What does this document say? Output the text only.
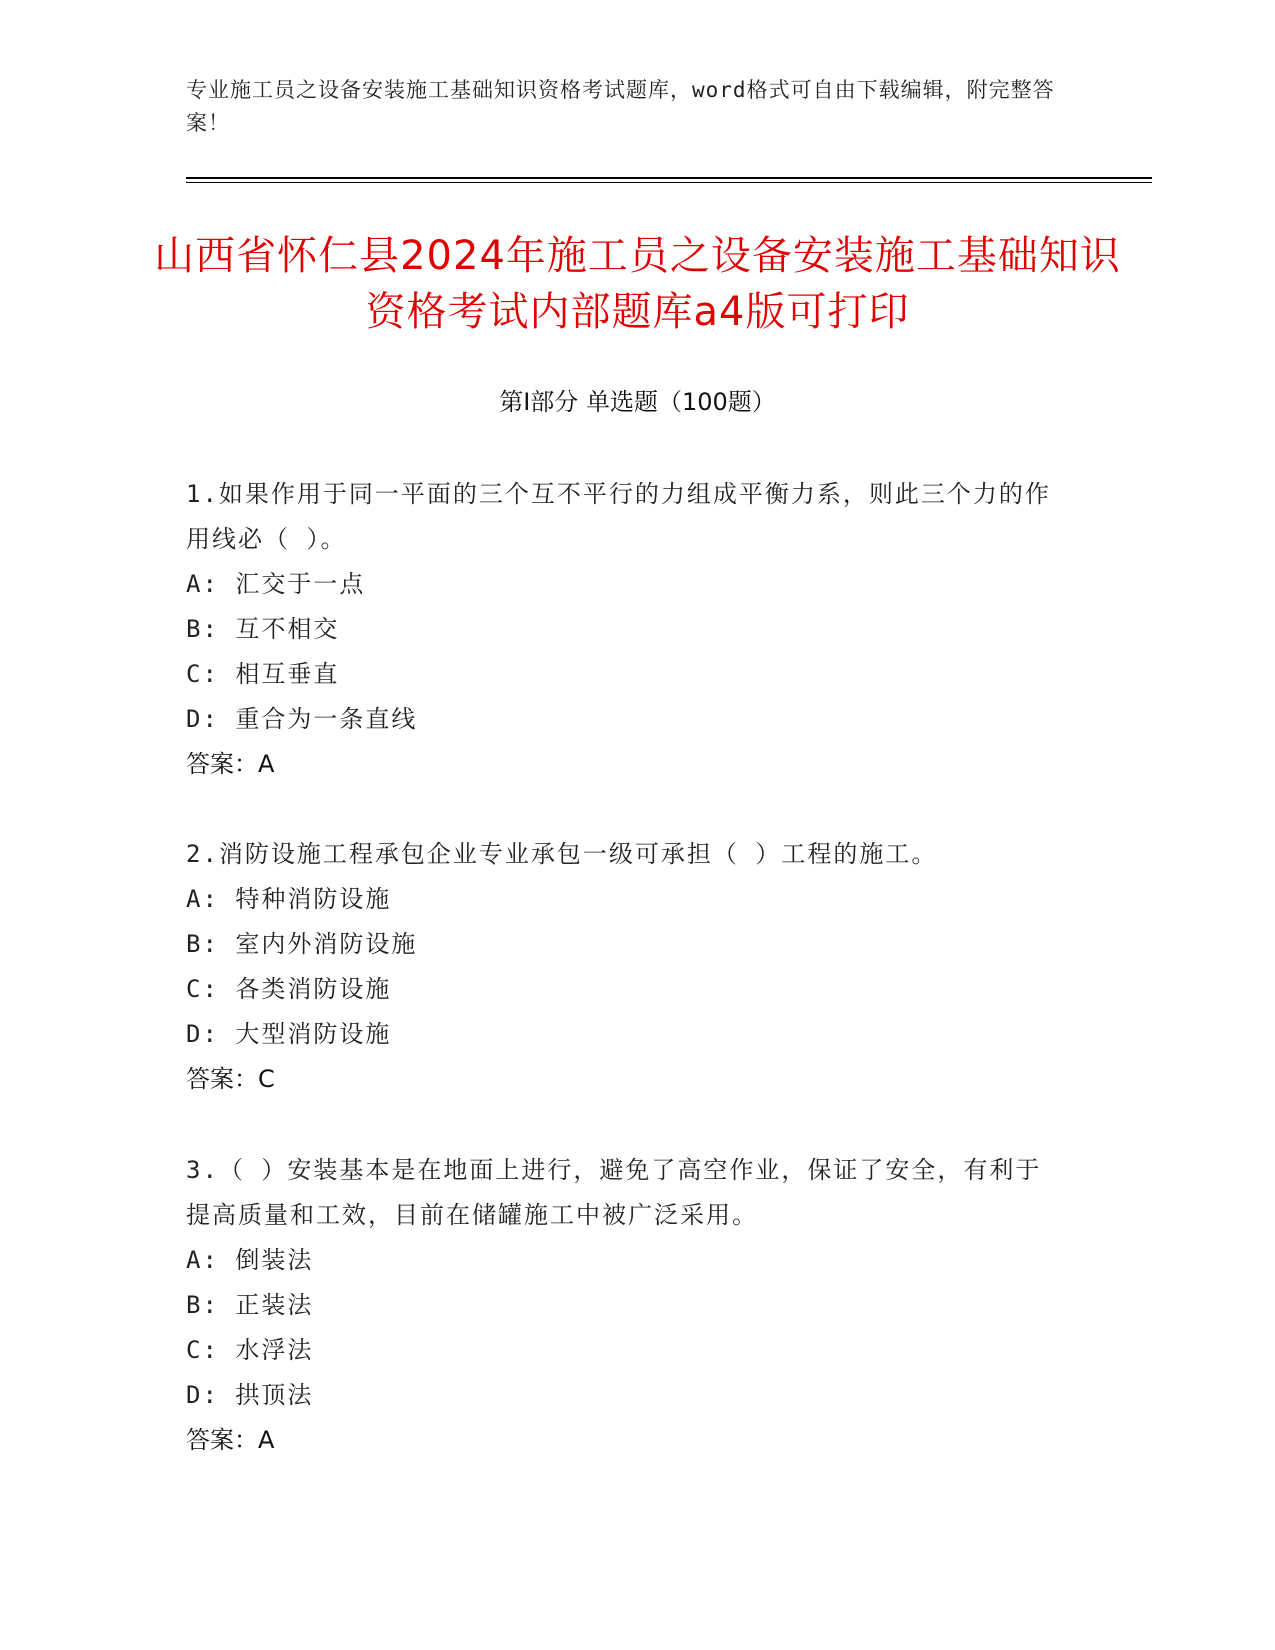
专业施工员之设备安装施工基础知识资格考试题库，word格式可自由下载编辑，附完整答案！
山西省怀仁县2024年施工员之设备安装施工基础知识资格考试内部题库a4版可打印
第I部分 单选题（100题）
1.如果作用于同一平面的三个互不平行的力组成平衡力系，则此三个力的作用线必（ ）。
A: 汇交于一点
B: 互不相交
C: 相互垂直
D: 重合为一条直线
答案：A
2.消防设施工程承包企业专业承包一级可承担（ ）工程的施工。
A: 特种消防设施
B: 室内外消防设施
C: 各类消防设施
D: 大型消防设施
答案：C
3.（ ）安装基本是在地面上进行，避免了高空作业，保证了安全，有利于提高质量和工效，目前在储罐施工中被广泛采用。
A: 倒装法
B: 正装法
C: 水浮法
D: 拱顶法
答案：A
